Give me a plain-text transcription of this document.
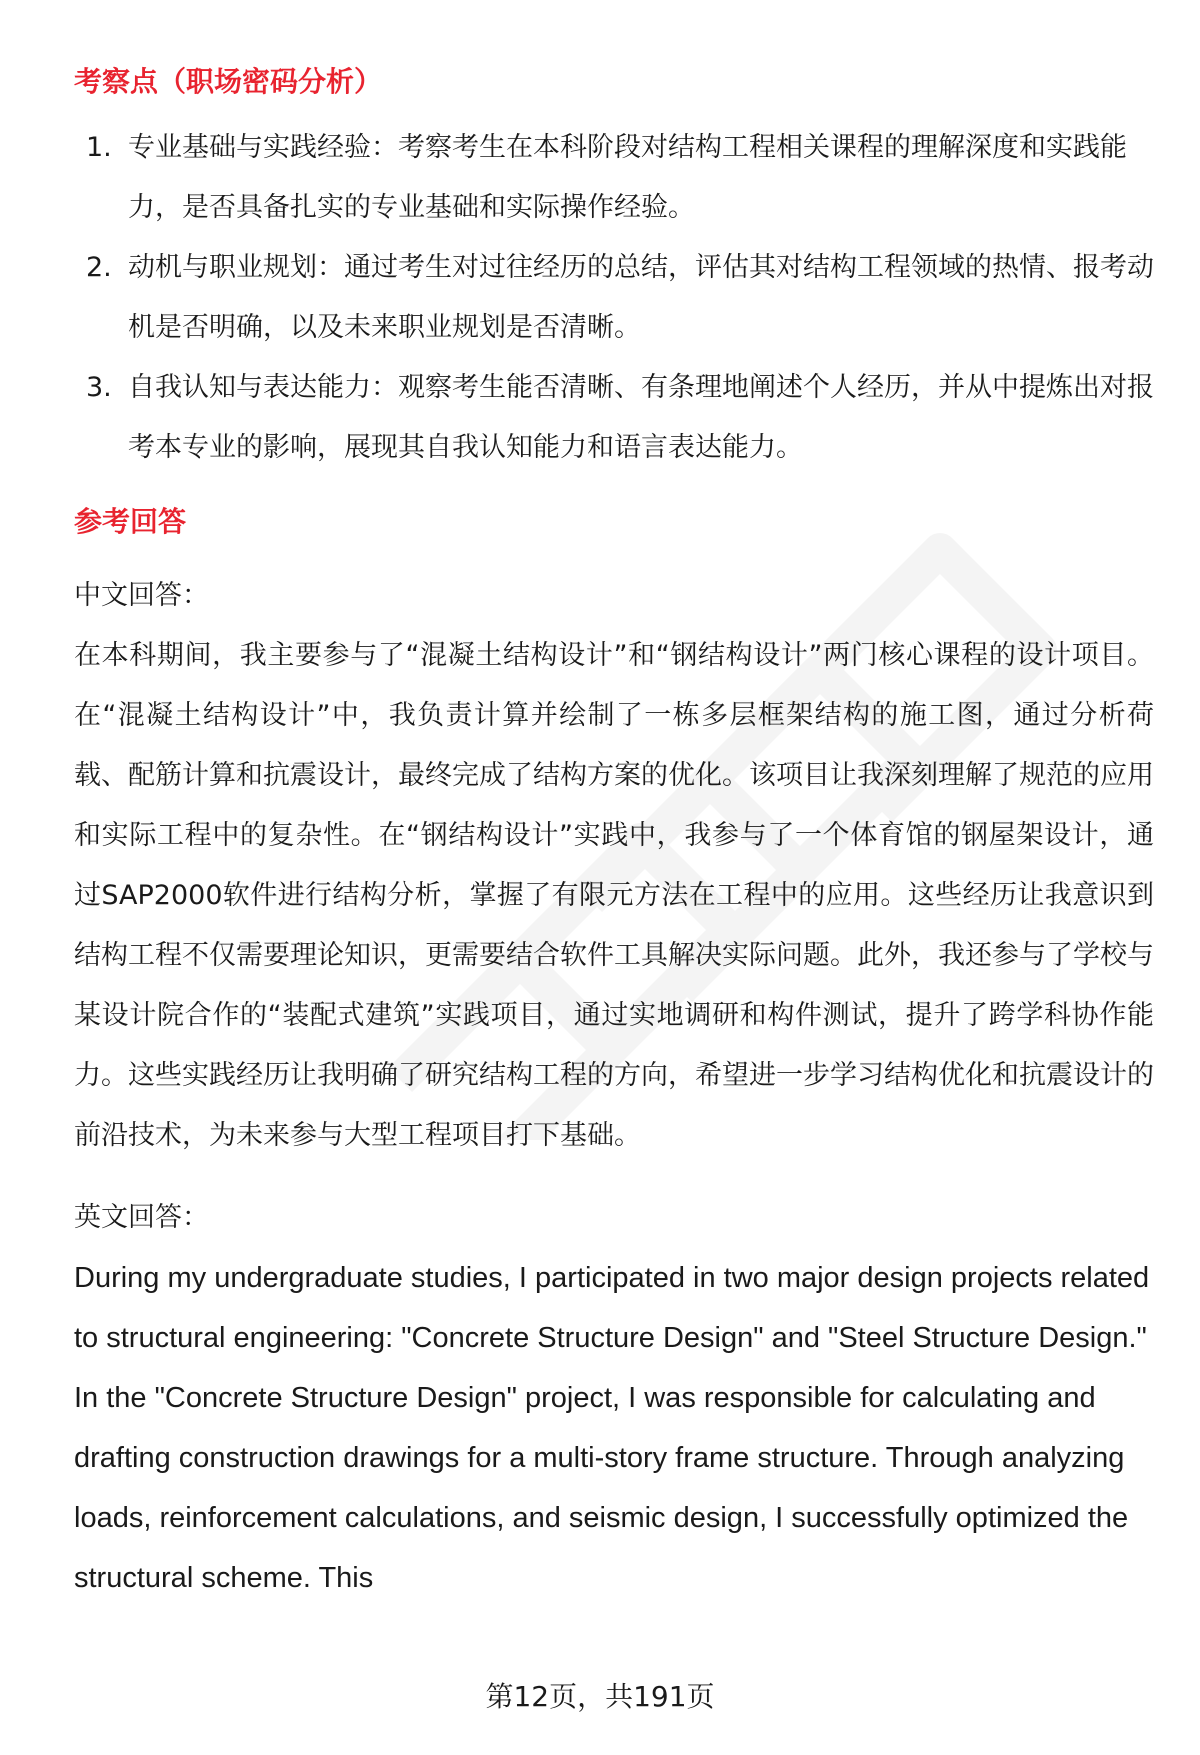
考察点（职场密码分析）
1. 专业基础与实践经验：考察考生在本科阶段对结构工程相关课程的理解深度和实践能力，是否具备扎实的专业基础和实际操作经验。
2. 动机与职业规划：通过考生对过往经历的总结，评估其对结构工程领域的热情、报考动机是否明确，以及未来职业规划是否清晰。
3. 自我认知与表达能力：观察考生能否清晰、有条理地阐述个人经历，并从中提炼出对报考本专业的影响，展现其自我认知能力和语言表达能力。
参考回答

中文回答：

在本科期间，我主要参与了“混凝土结构设计”和“钢结构设计”两门核心课程的设计项目。在“混凝土结构设计”中，我负责计算并绘制了一栋多层框架结构的施工图，通过分析荷载、配筋计算和抗震设计，最终完成了结构方案的优化。该项目让我深刻理解了规范的应用和实际工程中的复杂性。在“钢结构设计”实践中，我参与了一个体育馆的钢屋架设计，通过SAP2000软件进行结构分析，掌握了有限元方法在工程中的应用。这些经历让我意识到结构工程不仅需要理论知识，更需要结合软件工具解决实际问题。此外，我还参与了学校与某设计院合作的“装配式建筑”实践项目，通过实地调研和构件测试，提升了跨学科协作能力。这些实践经历让我明确了研究结构工程的方向，希望进一步学习结构优化和抗震设计的前沿技术，为未来参与大型工程项目打下基础。

英文回答：

During my undergraduate studies, I participated in two major design projects related to structural engineering: "Concrete Structure Design" and "Steel Structure Design." In the "Concrete Structure Design" project, I was responsible for calculating and drafting construction drawings for a multi-story frame structure. Through analyzing loads, reinforcement calculations, and seismic design, I successfully optimized the structural scheme. This

第12页，共191页
